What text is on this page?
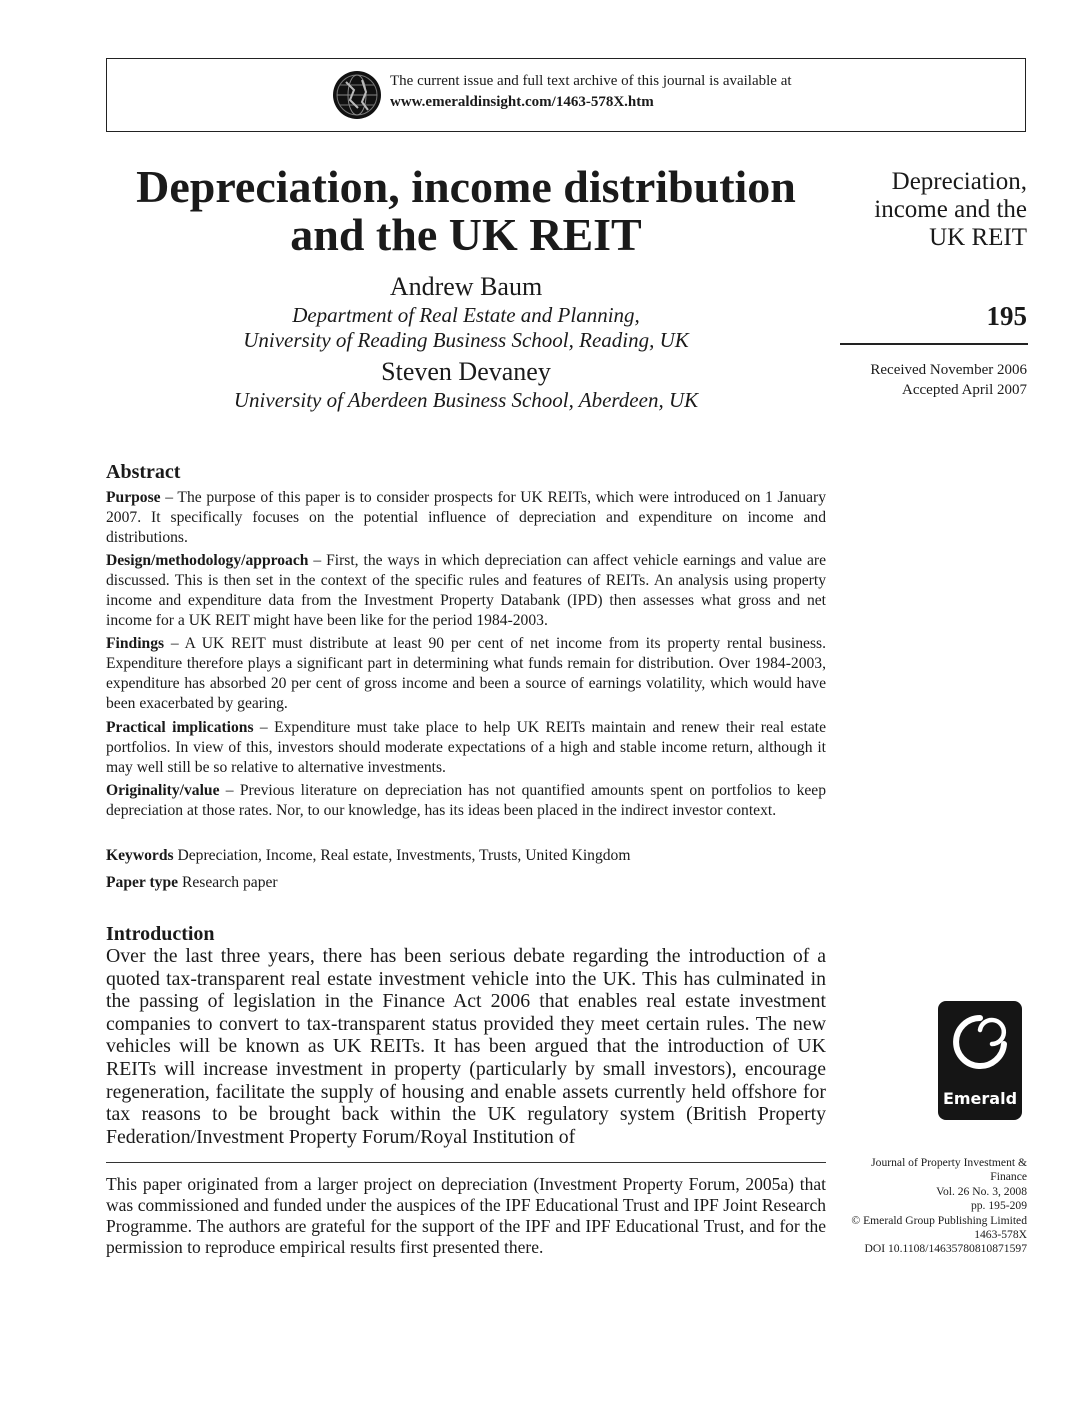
The current issue and full text archive of this journal is available at
www.emeraldinsight.com/1463-578X.htm
Depreciation, income distribution
and the UK REIT
Andrew Baum
Department of Real Estate and Planning,
University of Reading Business School, Reading, UK
Steven Devaney
University of Aberdeen Business School, Aberdeen, UK
Depreciation,
income and the
UK REIT
195
Received November 2006
Accepted April 2007
Abstract
Purpose – The purpose of this paper is to consider prospects for UK REITs, which were introduced on 1 January 2007. It specifically focuses on the potential influence of depreciation and expenditure on income and distributions.
Design/methodology/approach – First, the ways in which depreciation can affect vehicle earnings and value are discussed. This is then set in the context of the specific rules and features of REITs. An analysis using property income and expenditure data from the Investment Property Databank (IPD) then assesses what gross and net income for a UK REIT might have been like for the period 1984-2003.
Findings – A UK REIT must distribute at least 90 per cent of net income from its property rental business. Expenditure therefore plays a significant part in determining what funds remain for distribution. Over 1984-2003, expenditure has absorbed 20 per cent of gross income and been a source of earnings volatility, which would have been exacerbated by gearing.
Practical implications – Expenditure must take place to help UK REITs maintain and renew their real estate portfolios. In view of this, investors should moderate expectations of a high and stable income return, although it may well still be so relative to alternative investments.
Originality/value – Previous literature on depreciation has not quantified amounts spent on portfolios to keep depreciation at those rates. Nor, to our knowledge, has its ideas been placed in the indirect investor context.
Keywords Depreciation, Income, Real estate, Investments, Trusts, United Kingdom
Paper type Research paper
Introduction
Over the last three years, there has been serious debate regarding the introduction of a quoted tax-transparent real estate investment vehicle into the UK. This has culminated in the passing of legislation in the Finance Act 2006 that enables real estate investment companies to convert to tax-transparent status provided they meet certain rules. The new vehicles will be known as UK REITs. It has been argued that the introduction of UK REITs will increase investment in property (particularly by small investors), encourage regeneration, facilitate the supply of housing and enable assets currently held offshore for tax reasons to be brought back within the UK regulatory system (British Property Federation/Investment Property Forum/Royal Institution of
This paper originated from a larger project on depreciation (Investment Property Forum, 2005a) that was commissioned and funded under the auspices of the IPF Educational Trust and IPF Joint Research Programme. The authors are grateful for the support of the IPF and IPF Educational Trust, and for the permission to reproduce empirical results first presented there.
Emerald
Journal of Property Investment &
Finance
Vol. 26 No. 3, 2008
pp. 195-209
© Emerald Group Publishing Limited
1463-578X
DOI 10.1108/14635780810871597
